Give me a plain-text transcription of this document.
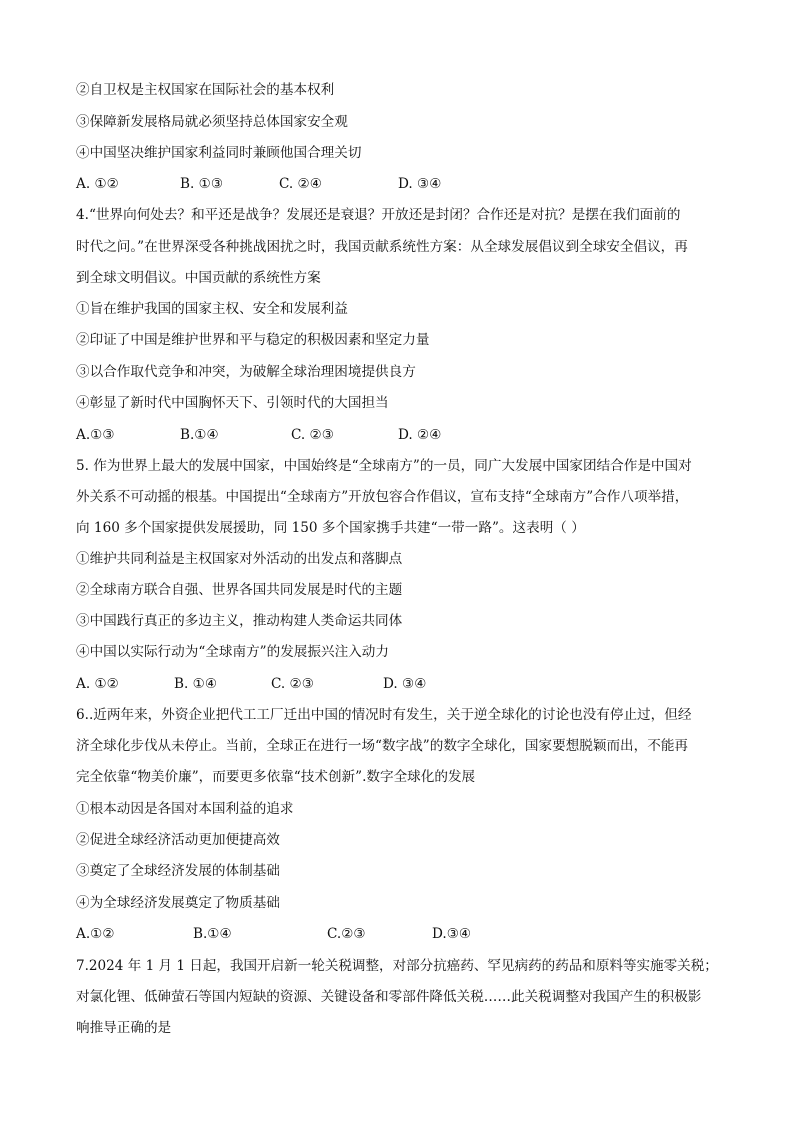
②自卫权是主权国家在国际社会的基本权利
③保障新发展格局就必须坚持总体国家安全观
④中国坚决维护国家利益同时兼顾他国合理关切
A. ①②	B. ①③	C. ②④	D. ③④
4.“世界向何处去？和平还是战争？发展还是衰退？开放还是封闭？合作还是对抗？是摆在我们面前的
时代之问。”在世界深受各种挑战困扰之时，我国贡献系统性方案：从全球发展倡议到全球安全倡议，再
到全球文明倡议。中国贡献的系统性方案
①旨在维护我国的国家主权、安全和发展利益
②印证了中国是维护世界和平与稳定的积极因素和坚定力量
③以合作取代竞争和冲突，为破解全球治理困境提供良方
④彰显了新时代中国胸怀天下、引领时代的大国担当
A.①③	B.①④	C. ②③	D. ②④
5. 作为世界上最大的发展中国家，中国始终是“全球南方”的一员，同广大发展中国家团结合作是中国对
外关系不可动摇的根基。中国提出“全球南方”开放包容合作倡议，宣布支持“全球南方”合作八项举措，
向 160 多个国家提供发展援助，同 150 多个国家携手共建“一带一路”。这表明（ ）
①维护共同利益是主权国家对外活动的出发点和落脚点
②全球南方联合自强、世界各国共同发展是时代的主题
③中国践行真正的多边主义，推动构建人类命运共同体
④中国以实际行动为“全球南方”的发展振兴注入动力
A. ①②	B. ①④	C. ②③	D. ③④
6..近两年来，外资企业把代工工厂迁出中国的情况时有发生，关于逆全球化的讨论也没有停止过，但经
济全球化步伐从未停止。当前，全球正在进行一场“数字战”的数字全球化，国家要想脱颖而出，不能再
完全依靠“物美价廉”，而要更多依靠“技术创新”.数字全球化的发展
①根本动因是各国对本国利益的追求
②促进全球经济活动更加便捷高效
③奠定了全球经济发展的体制基础
④为全球经济发展奠定了物质基础
A.①②	B.①④	C.②③	D.③④
7.2024 年 1 月 1 日起，我国开启新一轮关税调整，对部分抗癌药、罕见病药的药品和原料等实施零关税；
对氯化锂、低砷萤石等国内短缺的资源、关键设备和零部件降低关税……此关税调整对我国产生的积极影
响推导正确的是
